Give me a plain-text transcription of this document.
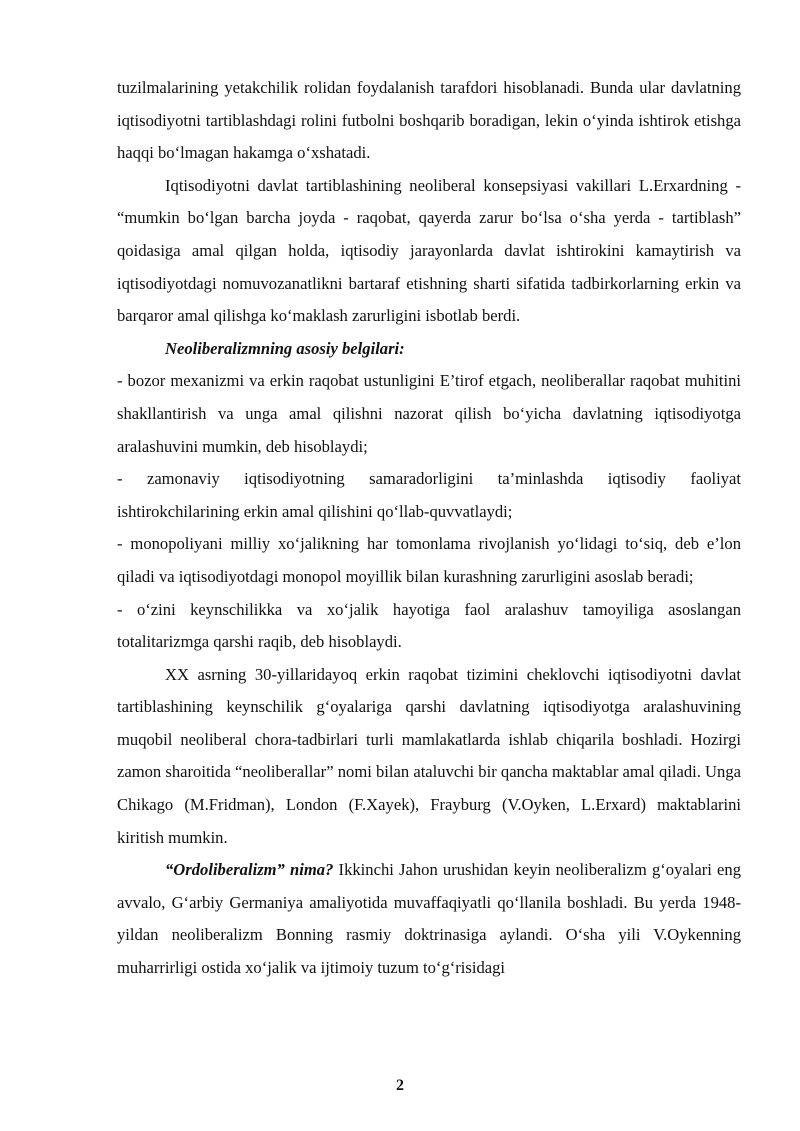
tuzilmalarining yetakchilik rolidan foydalanish tarafdori hisoblanadi. Bunda ular davlatning iqtisodiyotni tartiblashdagi rolini futbolni boshqarib boradigan, lekin o‘yinda ishtirok etishga haqqi bo‘lmagan hakamga o‘xshatadi.

Iqtisodiyotni davlat tartiblashining neoliberal konsepsiyasi vakillari L.Erxardning - “mumkin bo‘lgan barcha joyda - raqobat, qayerda zarur bo‘lsa o‘sha yerda - tartiblash” qoidasiga amal qilgan holda, iqtisodiy jarayonlarda davlat ishtirokini kamaytirish va iqtisodiyotdagi nomuvozanatlikni bartaraf etishning sharti sifatida tadbirkorlarning erkin va barqaror amal qilishga ko‘maklash zarurligini isbotlab berdi.

Neoliberalizmning asosiy belgilari:

- bozor mexanizmi va erkin raqobat ustunligini E’tirof etgach, neoliberallar raqobat muhitini shakllantirish va unga amal qilishni nazorat qilish bo‘yicha davlatning iqtisodiyotga aralashuvini mumkin, deb hisoblaydi;

- zamonaviy iqtisodiyotning samaradorligini ta’minlashda iqtisodiy faoliyat ishtirokchilarining erkin amal qilishini qo‘llab-quvvatlaydi;

- monopoliyani milliy xo‘jalikning har tomonlama rivojlanish yo‘lidagi to‘siq, deb e’lon qiladi va iqtisodiyotdagi monopol moyillik bilan kurashning zarurligini asoslab beradi;

- o‘zini keynschilikka va xo‘jalik hayotiga faol aralashuv tamoyiliga asoslangan totalitarizmga qarshi raqib, deb hisoblaydi.

XX asrning 30-yillaridayoq erkin raqobat tizimini cheklovchi iqtisodiyotni davlat tartiblashining keynschilik g‘oyalariga qarshi davlatning iqtisodiyotga aralashuvining muqobil neoliberal chora-tadbirlari turli mamlakatlarda ishlab chiqarila boshladi. Hozirgi zamon sharoitida “neoliberallar” nomi bilan ataluvchi bir qancha maktablar amal qiladi. Unga Chikago (M.Fridman), London (F.Xayek), Frayburg (V.Oyken, L.Erxard) maktablarini kiritish mumkin.

“Ordoliberalizm” nima? Ikkinchi Jahon urushidan keyin neoliberalizm g‘oyalari eng avvalo, G‘arbiy Germaniya amaliyotida muvaffaqiyatli qo‘llanila boshladi. Bu yerda 1948-yildan neoliberalizm Bonning rasmiy doktrinasiga aylandi. O‘sha yili V.Oykenning muharrirligi ostida xo‘jalik va ijtimoiy tuzum to‘g‘risidagi

2
